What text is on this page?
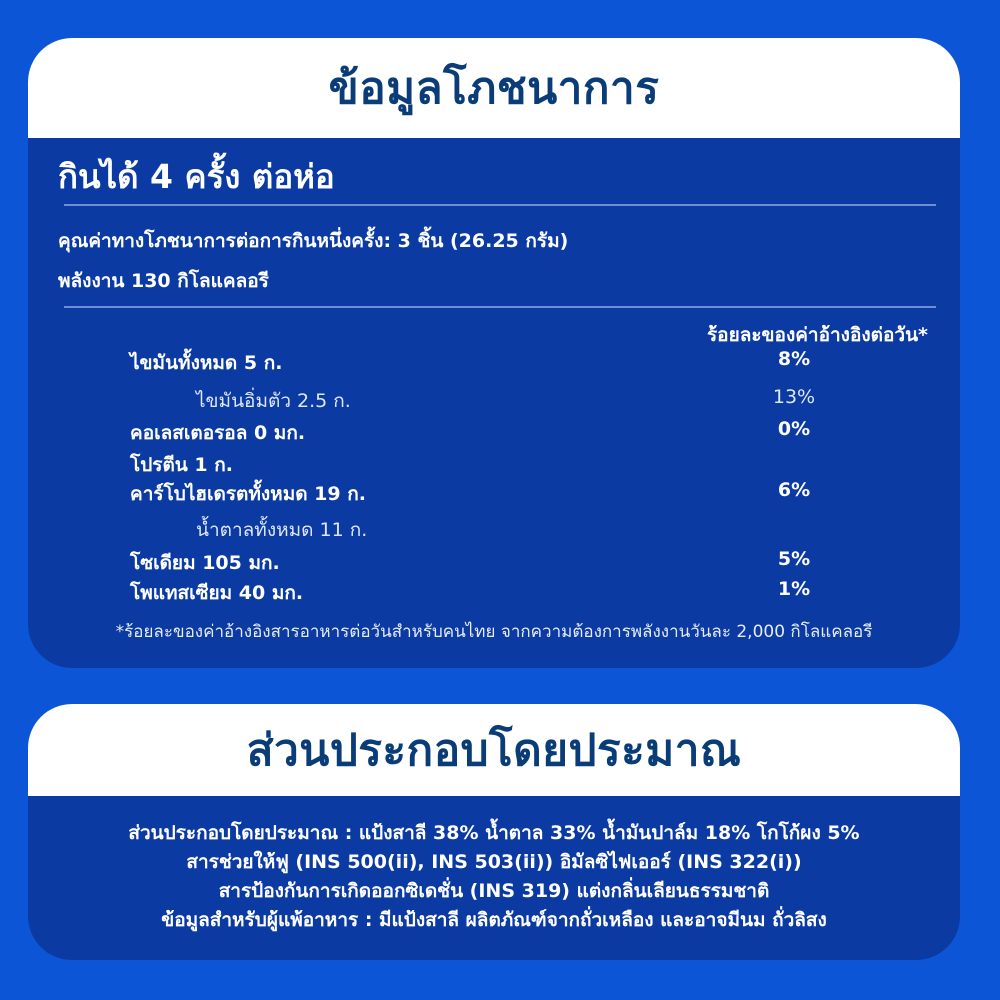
ข้อมูลโภชนาการ
กินได้ 4 ครั้ง ต่อห่อ
คุณค่าทางโภชนาการต่อการกินหนึ่งครั้ง: 3 ชิ้น (26.25 กรัม)
พลังงาน 130 กิโลแคลอรี
ร้อยละของค่าอ้างอิงต่อวัน*
ไขมันทั้งหมด 5 ก.	8%
ไขมันอิ่มตัว 2.5 ก.	13%
คอเลสเตอรอล 0 มก.	0%
โปรตีน 1 ก.
คาร์โบไฮเดรตทั้งหมด 19 ก.	6%
น้ำตาลทั้งหมด 11 ก.
โซเดียม 105 มก.	5%
โพแทสเซียม 40 มก.	1%
*ร้อยละของค่าอ้างอิงสารอาหารต่อวันสำหรับคนไทย จากความต้องการพลังงานวันละ 2,000 กิโลแคลอรี
ส่วนประกอบโดยประมาณ
ส่วนประกอบโดยประมาณ : แป้งสาลี 38% น้ำตาล 33% น้ำมันปาล์ม 18% โกโก้ผง 5%
สารช่วยให้ฟู (INS 500(ii), INS 503(ii)) อิมัลซิไฟเออร์ (INS 322(i))
สารป้องกันการเกิดออกซิเดชั่น (INS 319) แต่งกลิ่นเลียนธรรมชาติ
ข้อมูลสำหรับผู้แพ้อาหาร : มีแป้งสาลี ผลิตภัณฑ์จากถั่วเหลือง และอาจมีนม ถั่วลิสง
